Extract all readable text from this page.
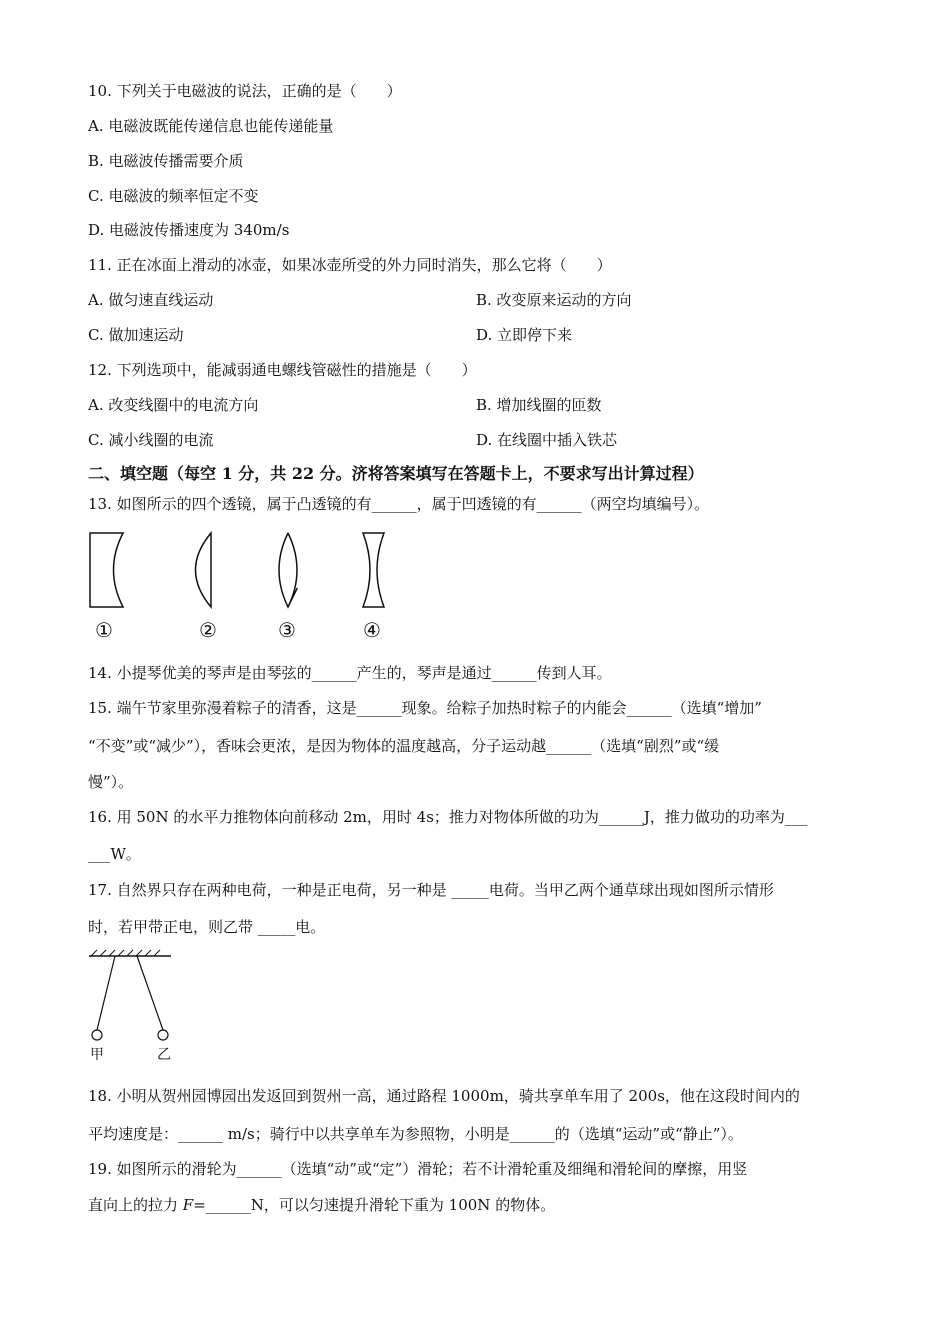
10. 下列关于电磁波的说法，正确的是（　　）
A. 电磁波既能传递信息也能传递能量
B. 电磁波传播需要介质
C. 电磁波的频率恒定不变
D. 电磁波传播速度为 340m/s
11. 正在冰面上滑动的冰壶，如果冰壶所受的外力同时消失，那么它将（　　）
A. 做匀速直线运动	B. 改变原来运动的方向
C. 做加速运动	D. 立即停下来
12. 下列选项中，能减弱通电螺线管磁性的措施是（　　）
A. 改变线圈中的电流方向	B. 增加线圈的匝数
C. 减小线圈的电流	D. 在线圈中插入铁芯
二、填空题（每空 1 分，共 22 分。济将答案填写在答题卡上，不要求写出计算过程）
13. 如图所示的四个透镜，属于凸透镜的有______，属于凹透镜的有______（两空均填编号）。
①	②	③	④
14. 小提琴优美的琴声是由琴弦的______产生的，琴声是通过______传到人耳。
15. 端午节家里弥漫着粽子的清香，这是______现象。给粽子加热时粽子的内能会______（选填“增加”
“不变”或“减少”），香味会更浓，是因为物体的温度越高，分子运动越______（选填“剧烈”或“缓
慢”）。
16. 用 50N 的水平力推物体向前移动 2m，用时 4s；推力对物体所做的功为______J，推力做功的功率为___
___W。
17. 自然界只存在两种电荷，一种是正电荷，另一种是 _____电荷。当甲乙两个通草球出现如图所示情形
时，若甲带正电，则乙带 _____电。
甲	乙
18. 小明从贺州园博园出发返回到贺州一高，通过路程 1000m，骑共享单车用了 200s，他在这段时间内的
平均速度是：______ m/s；骑行中以共享单车为参照物，小明是______的（选填“运动”或“静止”）。
19. 如图所示的滑轮为______（选填“动”或“定”）滑轮；若不计滑轮重及细绳和滑轮间的摩擦，用竖
直向上的拉力 F=______N，可以匀速提升滑轮下重为 100N 的物体。
